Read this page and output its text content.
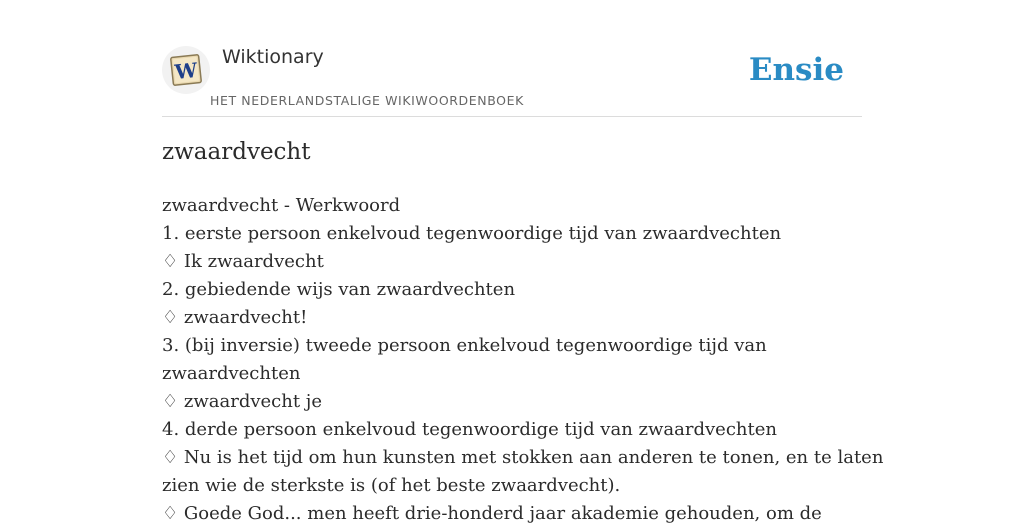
W
Wiktionary
HET NEDERLANDSTALIGE WIKIWOORDENBOEK
Ensie
zwaardvecht
zwaardvecht - Werkwoord
1. eerste persoon enkelvoud tegenwoordige tijd van zwaardvechten
♢ Ik zwaardvecht
2. gebiedende wijs van zwaardvechten
♢ zwaardvecht!
3. (bij inversie) tweede persoon enkelvoud tegenwoordige tijd van
zwaardvechten
♢ zwaardvecht je
4. derde persoon enkelvoud tegenwoordige tijd van zwaardvechten
♢ Nu is het tijd om hun kunsten met stokken aan anderen te tonen, en te laten
zien wie de sterkste is (of het beste zwaardvecht).
♢ Goede God... men heeft drie-honderd jaar akademie gehouden, om de
